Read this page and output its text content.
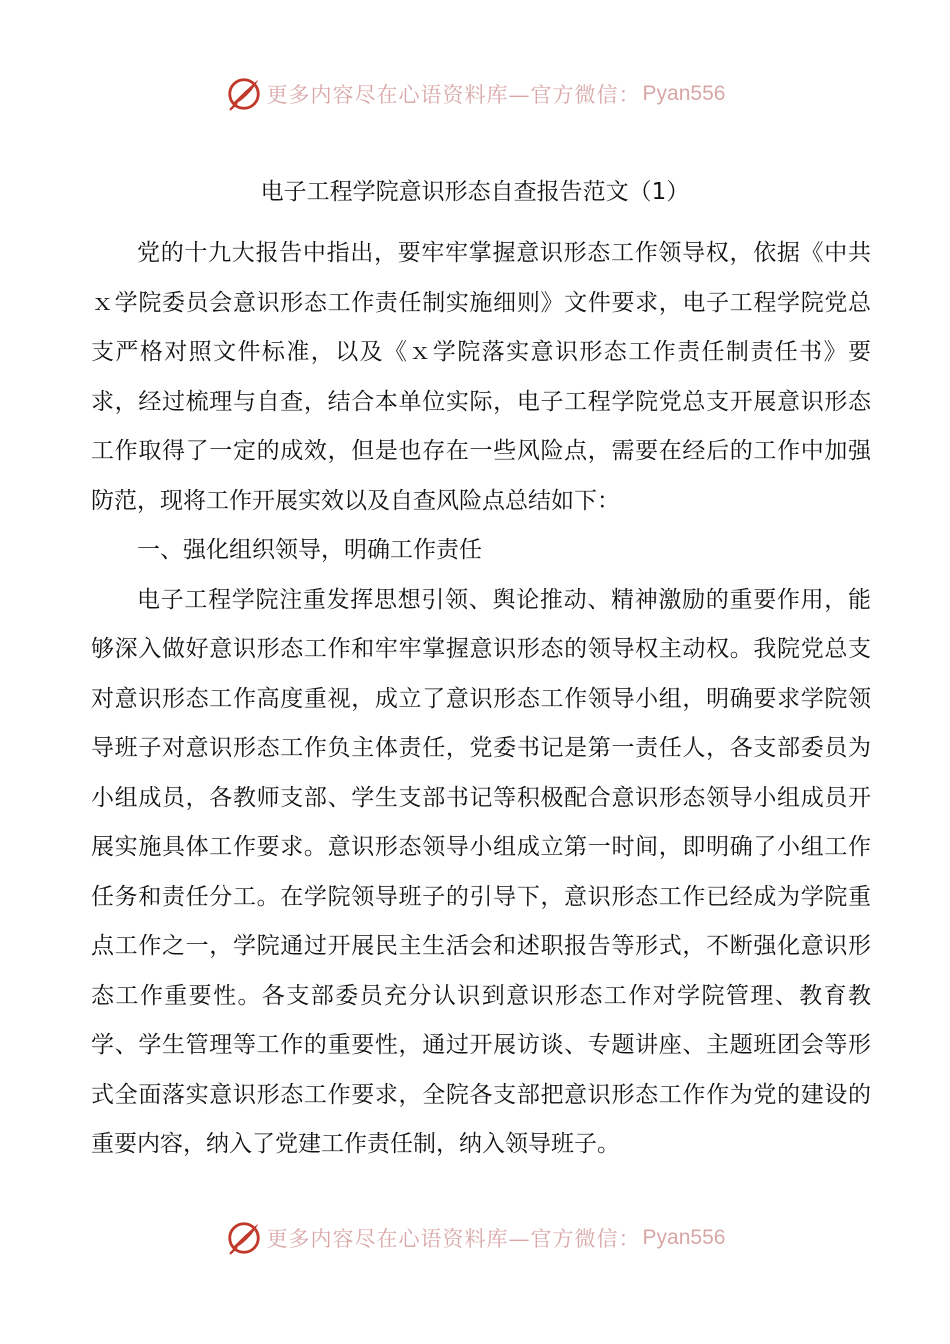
更多内容尽在心语资料库—官方微信： Pyan556
电子工程学院意识形态自查报告范文（1）

党的十九大报告中指出，要牢牢掌握意识形态工作领导权，依据《中共ｘ学院委员会意识形态工作责任制实施细则》文件要求，电子工程学院党总支严格对照文件标准，以及《ｘ学院落实意识形态工作责任制责任书》要求，经过梳理与自查，结合本单位实际，电子工程学院党总支开展意识形态工作取得了一定的成效，但是也存在一些风险点，需要在经后的工作中加强防范，现将工作开展实效以及自查风险点总结如下：

一、强化组织领导，明确工作责任

电子工程学院注重发挥思想引领、舆论推动、精神激励的重要作用，能够深入做好意识形态工作和牢牢掌握意识形态的领导权主动权。我院党总支对意识形态工作高度重视，成立了意识形态工作领导小组，明确要求学院领导班子对意识形态工作负主体责任，党委书记是第一责任人，各支部委员为小组成员，各教师支部、学生支部书记等积极配合意识形态领导小组成员开展实施具体工作要求。意识形态领导小组成立第一时间，即明确了小组工作任务和责任分工。在学院领导班子的引导下，意识形态工作已经成为学院重点工作之一，学院通过开展民主生活会和述职报告等形式，不断强化意识形态工作重要性。各支部委员充分认识到意识形态工作对学院管理、教育教学、学生管理等工作的重要性，通过开展访谈、专题讲座、主题班团会等形式全面落实意识形态工作要求，全院各支部把意识形态工作作为党的建设的重要内容，纳入了党建工作责任制，纳入领导班子。

更多内容尽在心语资料库—官方微信： Pyan556
